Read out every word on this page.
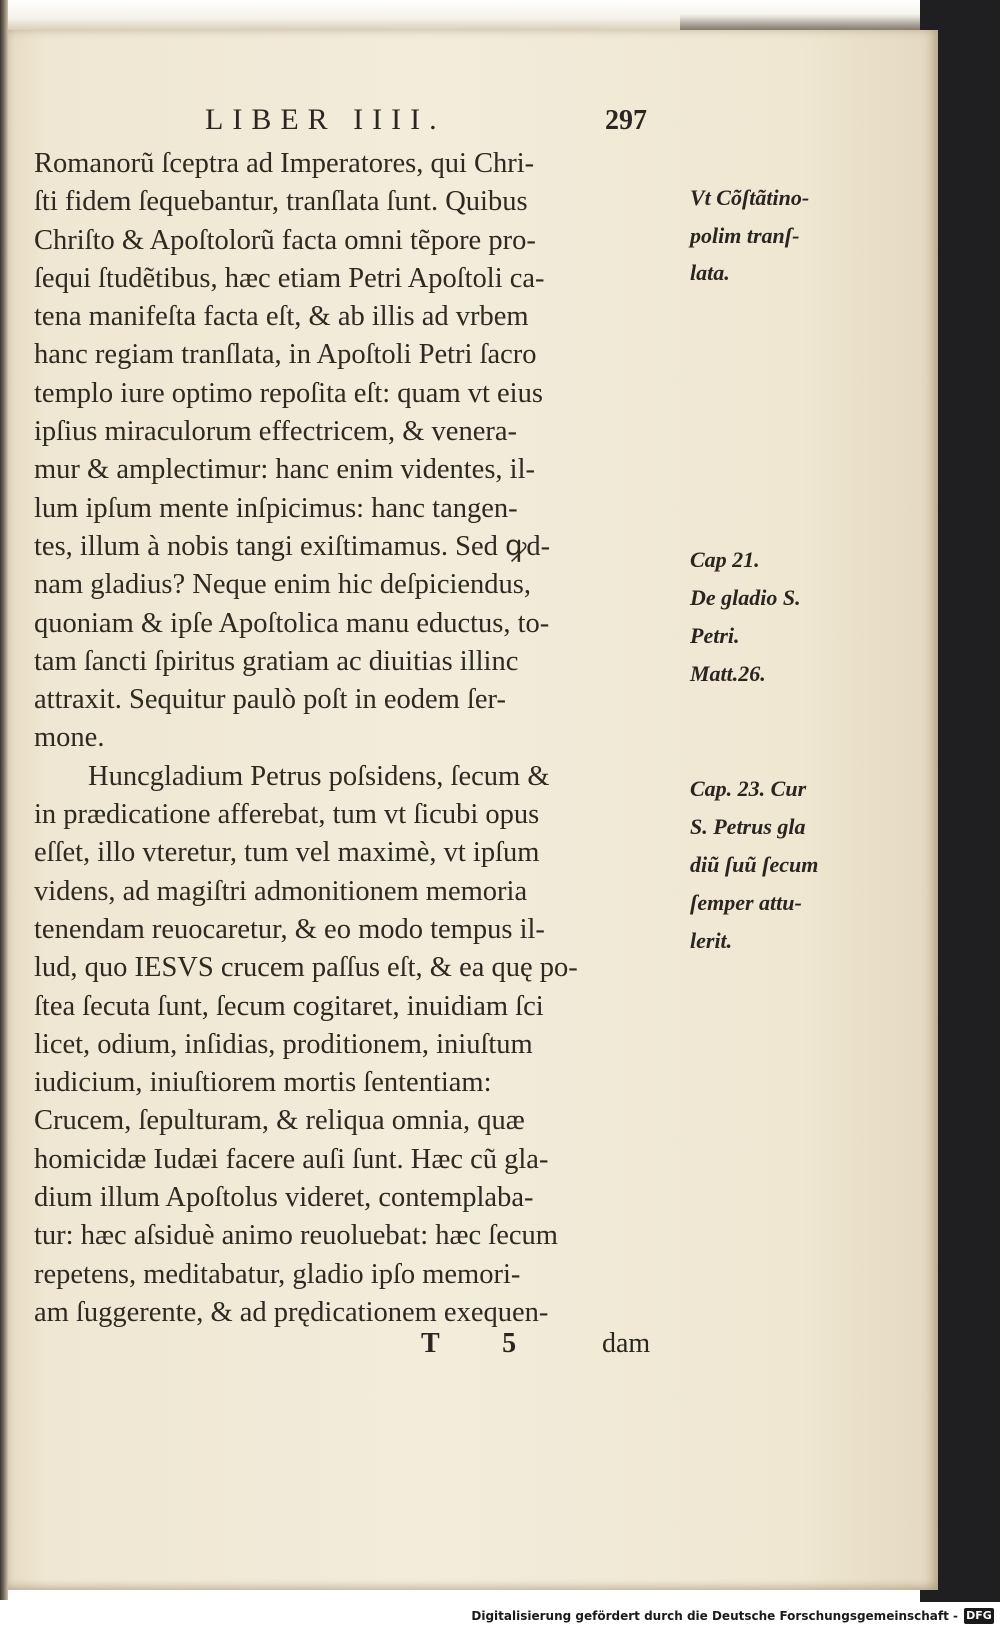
LIBER IIII.	297
Romanorũ ſceptra ad Imperatores, qui Chri-
ſti fidem ſequebantur, tranſlata ſunt. Quibus
Chriſto & Apoſtolorũ facta omni tẽpore pro-
ſequi ſtudẽtibus, hæc etiam Petri Apoſtoli ca-
tena manifeſta facta eſt, & ab illis ad vrbem
hanc regiam tranſlata, in Apoſtoli Petri ſacro
templo iure optimo repoſita eſt: quam vt eius
ipſius miraculorum effectricem, & venera-
mur & amplectimur: hanc enim videntes, il-
lum ipſum mente inſpicimus: hanc tangen-
tes, illum à nobis tangi exiſtimamus. Sed ꝙd-
nam gladius? Neque enim hic deſpiciendus,
quoniam & ipſe Apoſtolica manu eductus, to-
tam ſancti ſpiritus gratiam ac diuitias illinc
attraxit. Sequitur paulò poſt in eodem ſer-
mone.
Huncgladium Petrus poſsidens, ſecum &
in prædicatione afferebat, tum vt ſicubi opus
eſſet, illo vteretur, tum vel maximè, vt ipſum
videns, ad magiſtri admonitionem memoria
tenendam reuocaretur, & eo modo tempus il-
lud, quo IESVS crucem paſſus eſt, & ea quę po-
ſtea ſecuta ſunt, ſecum cogitaret, inuidiam ſci
licet, odium, inſidias, proditionem, iniuſtum
iudicium, iniuſtiorem mortis ſententiam:
Crucem, ſepulturam, & reliqua omnia, quæ
homicidæ Iudæi facere auſi ſunt. Hæc cũ gla-
dium illum Apoſtolus videret, contemplaba-
tur: hæc aſsiduè animo reuoluebat: hæc ſecum
repetens, meditabatur, gladio ipſo memori-
am ſuggerente, & ad prędicationem exequen-
Vt Cõſtãtino-
polim tranſ-
lata.
Cap 21.
De gladio S.
Petri.
Matt.26.
Cap. 23. Cur
S. Petrus gla
diũ ſuũ ſecum
ſemper attu-
lerit.
T 5 dam
Digitalisierung gefördert durch die Deutsche Forschungsgemeinschaft - DFG
